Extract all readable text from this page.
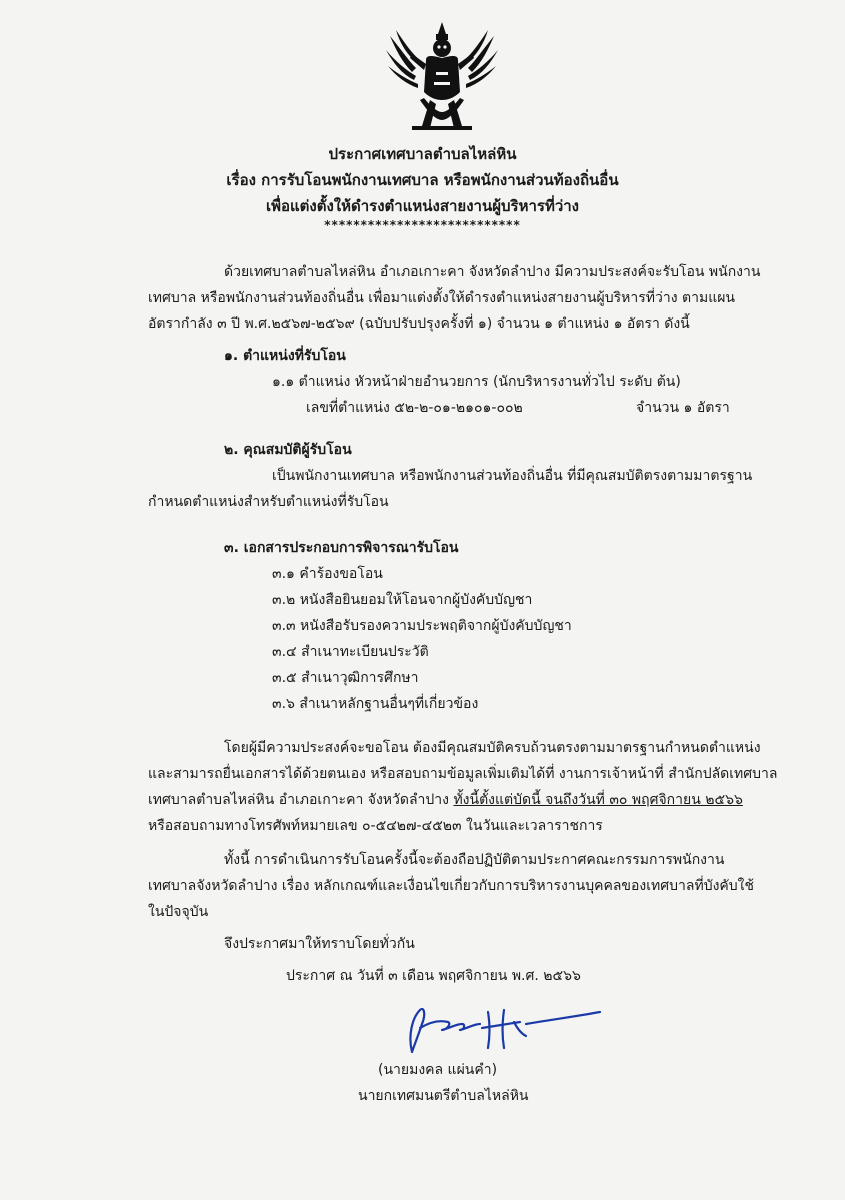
ประกาศเทศบาลตำบลไหล่หิน
เรื่อง การรับโอนพนักงานเทศบาล หรือพนักงานส่วนท้องถิ่นอื่น
เพื่อแต่งตั้งให้ดำรงตำแหน่งสายงานผู้บริหารที่ว่าง
***************************
ด้วยเทศบาลตำบลไหล่หิน อำเภอเกาะคา จังหวัดลำปาง มีความประสงค์จะรับโอน พนักงาน
เทศบาล หรือพนักงานส่วนท้องถิ่นอื่น เพื่อมาแต่งตั้งให้ดำรงตำแหน่งสายงานผู้บริหารที่ว่าง ตามแผน
อัตรากำลัง ๓ ปี พ.ศ.๒๕๖๗-๒๕๖๙ (ฉบับปรับปรุงครั้งที่ ๑) จำนวน ๑ ตำแหน่ง ๑ อัตรา ดังนี้
๑. ตำแหน่งที่รับโอน
๑.๑ ตำแหน่ง หัวหน้าฝ่ายอำนวยการ (นักบริหารงานทั่วไป ระดับ ต้น)
เลขที่ตำแหน่ง ๕๒-๒-๐๑-๒๑๐๑-๐๐๒	จำนวน ๑ อัตรา
๒. คุณสมบัติผู้รับโอน
เป็นพนักงานเทศบาล หรือพนักงานส่วนท้องถิ่นอื่น ที่มีคุณสมบัติตรงตามมาตรฐาน
กำหนดตำแหน่งสำหรับตำแหน่งที่รับโอน
๓. เอกสารประกอบการพิจารณารับโอน
๓.๑ คำร้องขอโอน
๓.๒ หนังสือยินยอมให้โอนจากผู้บังคับบัญชา
๓.๓ หนังสือรับรองความประพฤติจากผู้บังคับบัญชา
๓.๔ สำเนาทะเบียนประวัติ
๓.๕ สำเนาวุฒิการศึกษา
๓.๖ สำเนาหลักฐานอื่นๆที่เกี่ยวข้อง
โดยผู้มีความประสงค์จะขอโอน ต้องมีคุณสมบัติครบถ้วนตรงตามมาตรฐานกำหนดตำแหน่ง
และสามารถยื่นเอกสารได้ด้วยตนเอง หรือสอบถามข้อมูลเพิ่มเติมได้ที่ งานการเจ้าหน้าที่ สำนักปลัดเทศบาล
เทศบาลตำบลไหล่หิน อำเภอเกาะคา จังหวัดลำปาง ทั้งนี้ตั้งแต่บัดนี้ จนถึงวันที่ ๓๐ พฤศจิกายน ๒๕๖๖
หรือสอบถามทางโทรศัพท์หมายเลข ๐-๕๔๒๗-๔๕๒๓ ในวันและเวลาราชการ
ทั้งนี้ การดำเนินการรับโอนครั้งนี้จะต้องถือปฏิบัติตามประกาศคณะกรรมการพนักงาน
เทศบาลจังหวัดลำปาง เรื่อง หลักเกณฑ์และเงื่อนไขเกี่ยวกับการบริหารงานบุคคลของเทศบาลที่บังคับใช้
ในปัจจุบัน
จึงประกาศมาให้ทราบโดยทั่วกัน
ประกาศ ณ วันที่ ๓ เดือน พฤศจิกายน พ.ศ. ๒๕๖๖
(นายมงคล แผ่นคำ)
นายกเทศมนตรีตำบลไหล่หิน
